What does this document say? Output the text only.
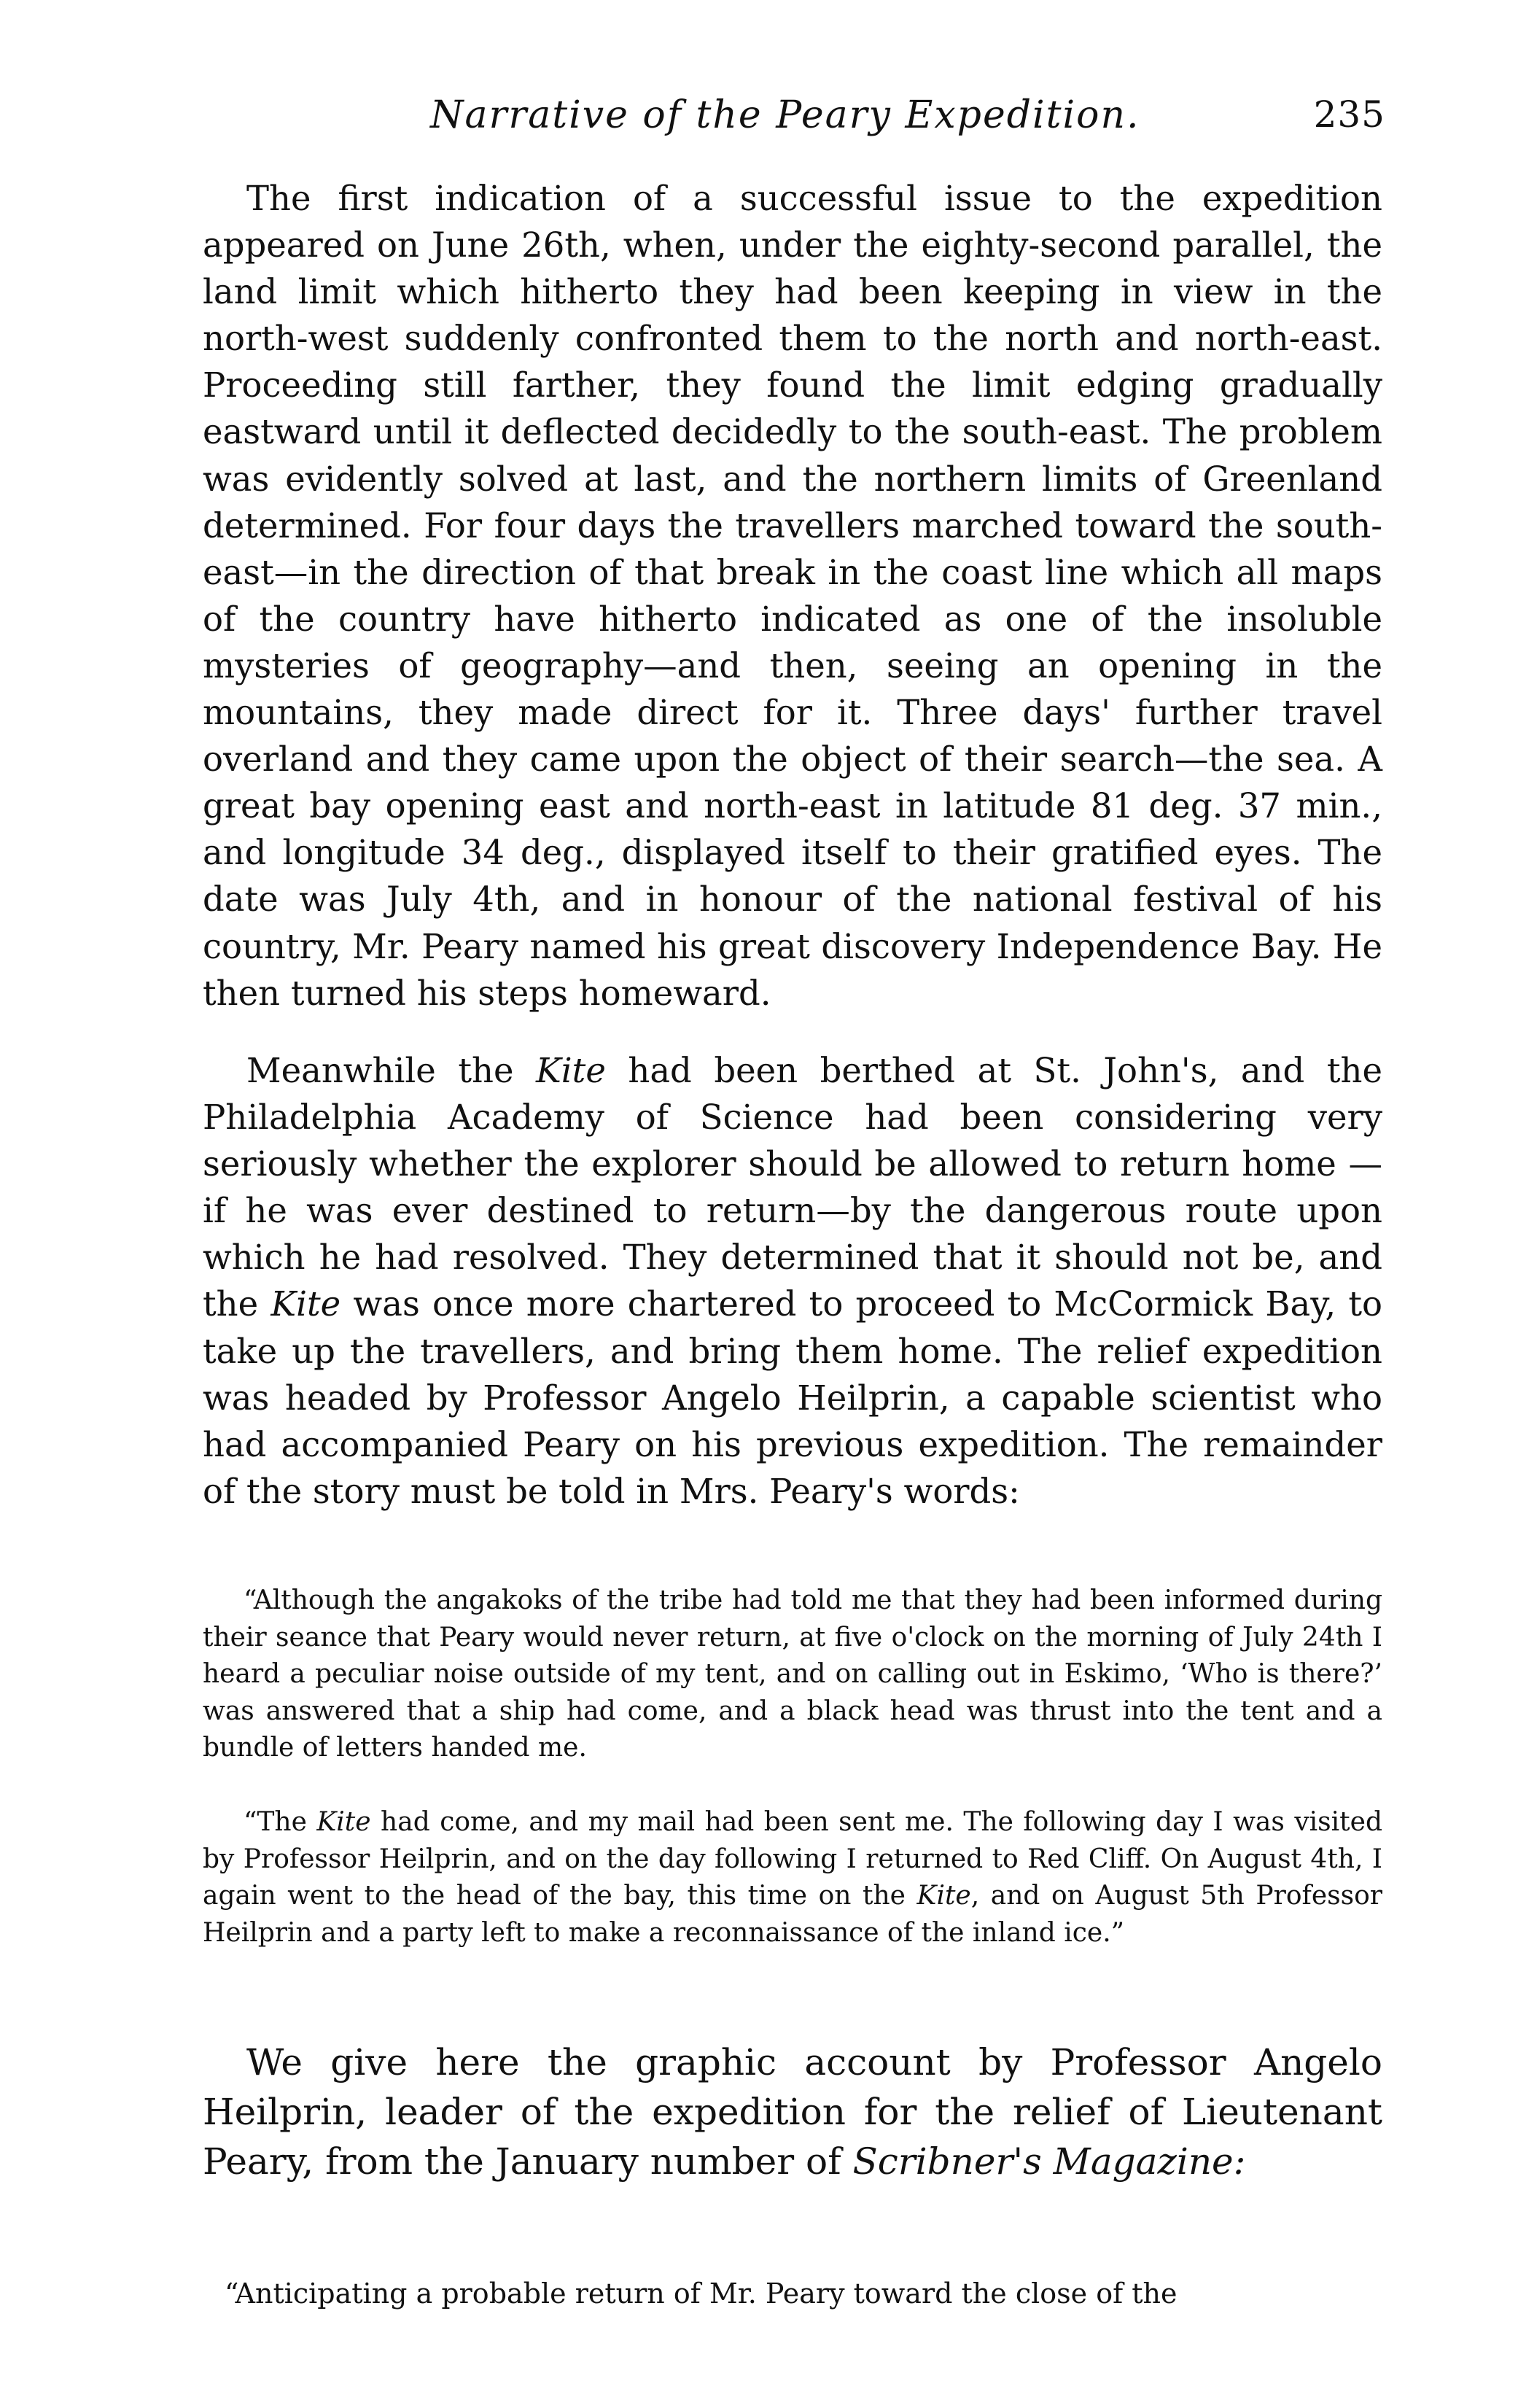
Narrative of the Peary Expedition.	235

The first indication of a successful issue to the expedition appeared on June 26th, when, under the eighty-second parallel, the land limit which hitherto they had been keeping in view in the north-west suddenly confronted them to the north and north-east. Proceeding still farther, they found the limit edging gradually eastward until it deflected decidedly to the south-east. The problem was evidently solved at last, and the northern limits of Greenland determined. For four days the travellers marched toward the south-east—in the direction of that break in the coast line which all maps of the country have hitherto indicated as one of the insoluble mysteries of geography—and then, seeing an opening in the mountains, they made direct for it. Three days' further travel overland and they came upon the object of their search—the sea. A great bay opening east and north-east in latitude 81 deg. 37 min., and longitude 34 deg., displayed itself to their gratified eyes. The date was July 4th, and in honour of the national festival of his country, Mr. Peary named his great discovery Independence Bay. He then turned his steps homeward.

Meanwhile the Kite had been berthed at St. John's, and the Philadelphia Academy of Science had been considering very seriously whether the explorer should be allowed to return home —if he was ever destined to return—by the dangerous route upon which he had resolved. They determined that it should not be, and the Kite was once more chartered to proceed to McCormick Bay, to take up the travellers, and bring them home. The relief expedition was headed by Professor Angelo Heilprin, a capable scientist who had accompanied Peary on his previous expedition. The remainder of the story must be told in Mrs. Peary's words:

“Although the angakoks of the tribe had told me that they had been informed during their seance that Peary would never return, at five o'clock on the morning of July 24th I heard a peculiar noise outside of my tent, and on calling out in Eskimo, ‘Who is there?’ was answered that a ship had come, and a black head was thrust into the tent and a bundle of letters handed me.

“The Kite had come, and my mail had been sent me. The following day I was visited by Professor Heilprin, and on the day following I returned to Red Cliff. On August 4th, I again went to the head of the bay, this time on the Kite, and on August 5th Professor Heilprin and a party left to make a reconnaissance of the inland ice.”

We give here the graphic account by Professor Angelo Heilprin, leader of the expedition for the relief of Lieutenant Peary, from the January number of Scribner's Magazine:

“Anticipating a probable return of Mr. Peary toward the close of the
